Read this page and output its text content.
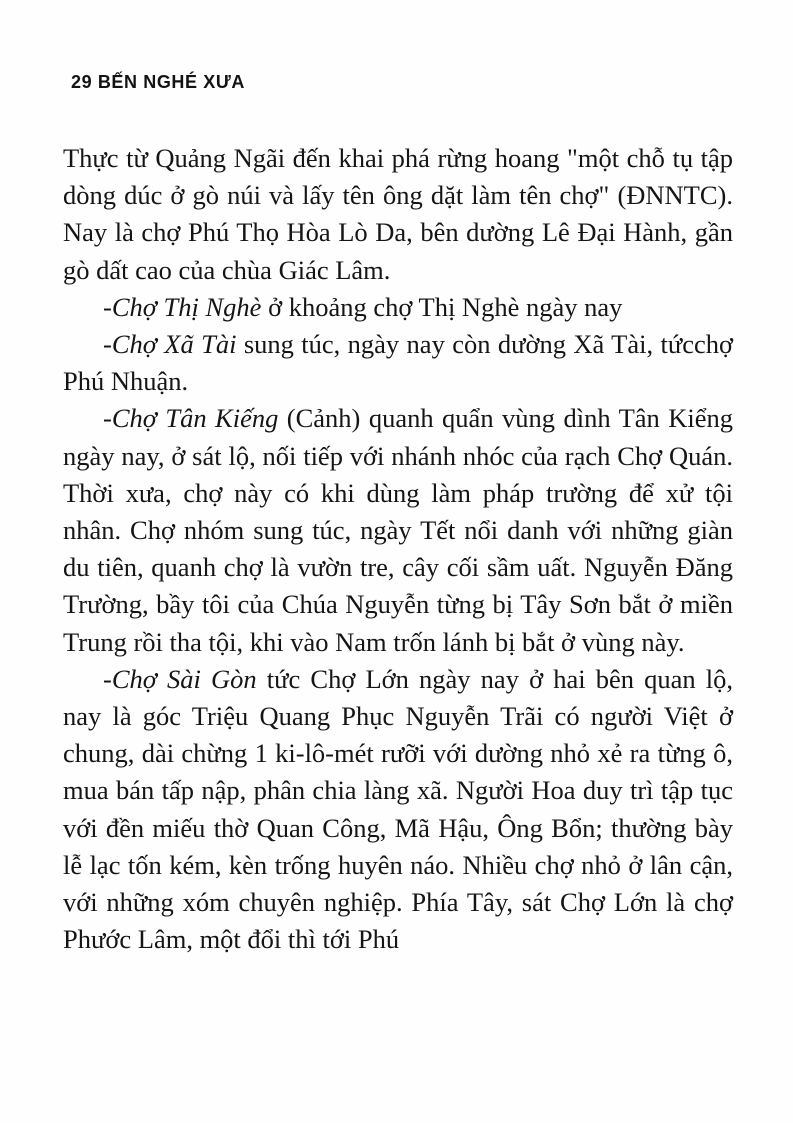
29 BẾN NGHÉ XƯA

Thực từ Quảng Ngãi đến khai phá rừng hoang "một chỗ tụ tập dòng dúc ở gò núi và lấy tên ông dặt làm tên chợ" (ĐNNTC). Nay là chợ Phú Thọ Hòa Lò Da, bên dường Lê Đại Hành, gần gò dất cao của chùa Giác Lâm.

-Chợ Thị Nghè ở khoảng chợ Thị Nghè ngày nay

-Chợ Xã Tài sung túc, ngày nay còn dường Xã Tài, tứcchợ Phú Nhuận.

-Chợ Tân Kiếng (Cảnh) quanh quẩn vùng dình Tân Kiểng ngày nay, ở sát lộ, nối tiếp với nhánh nhóc của rạch Chợ Quán. Thời xưa, chợ này có khi dùng làm pháp trường để xử tội nhân. Chợ nhóm sung túc, ngày Tết nổi danh với những giàn du tiên, quanh chợ là vườn tre, cây cối sầm uất. Nguyễn Đăng Trường, bầy tôi của Chúa Nguyễn từng bị Tây Sơn bắt ở miền Trung rồi tha tội, khi vào Nam trốn lánh bị bắt ở vùng này.

-Chợ Sài Gòn tức Chợ Lớn ngày nay ở hai bên quan lộ, nay là góc Triệu Quang Phục Nguyễn Trãi có người Việt ở chung, dài chừng 1 ki-lô-mét rưỡi với dường nhỏ xẻ ra từng ô, mua bán tấp nập, phân chia làng xã. Người Hoa duy trì tập tục với đền miếu thờ Quan Công, Mã Hậu, Ông Bổn; thường bày lễ lạc tốn kém, kèn trống huyên náo. Nhiều chợ nhỏ ở lân cận, với những xóm chuyên nghiệp. Phía Tây, sát Chợ Lớn là chợ Phước Lâm, một đổi thì tới Phú
